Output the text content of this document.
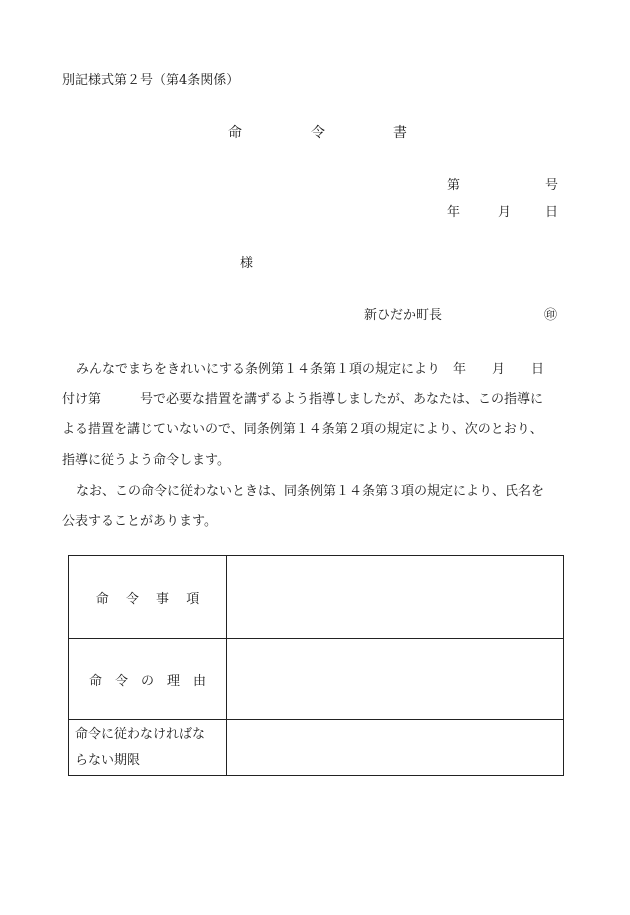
別記様式第２号（第4条関係）
命	令	書
第	号
年	月	日
様
新ひだか町長	㊞
みんなでまちをきれいにする条例第１４条第１項の規定により　年　　月　　日
付け第　　　号で必要な措置を講ずるよう指導しましたが、あなたは、この指導に
よる措置を講じていないので、同条例第１４条第２項の規定により、次のとおり、
指導に従うよう命令します。
なお、この命令に従わないときは、同条例第１４条第３項の規定により、氏名を
公表することがあります。
命　 令　 事　 項	
命　令　の　理　由	

命令に従わなければな
らない期限	
